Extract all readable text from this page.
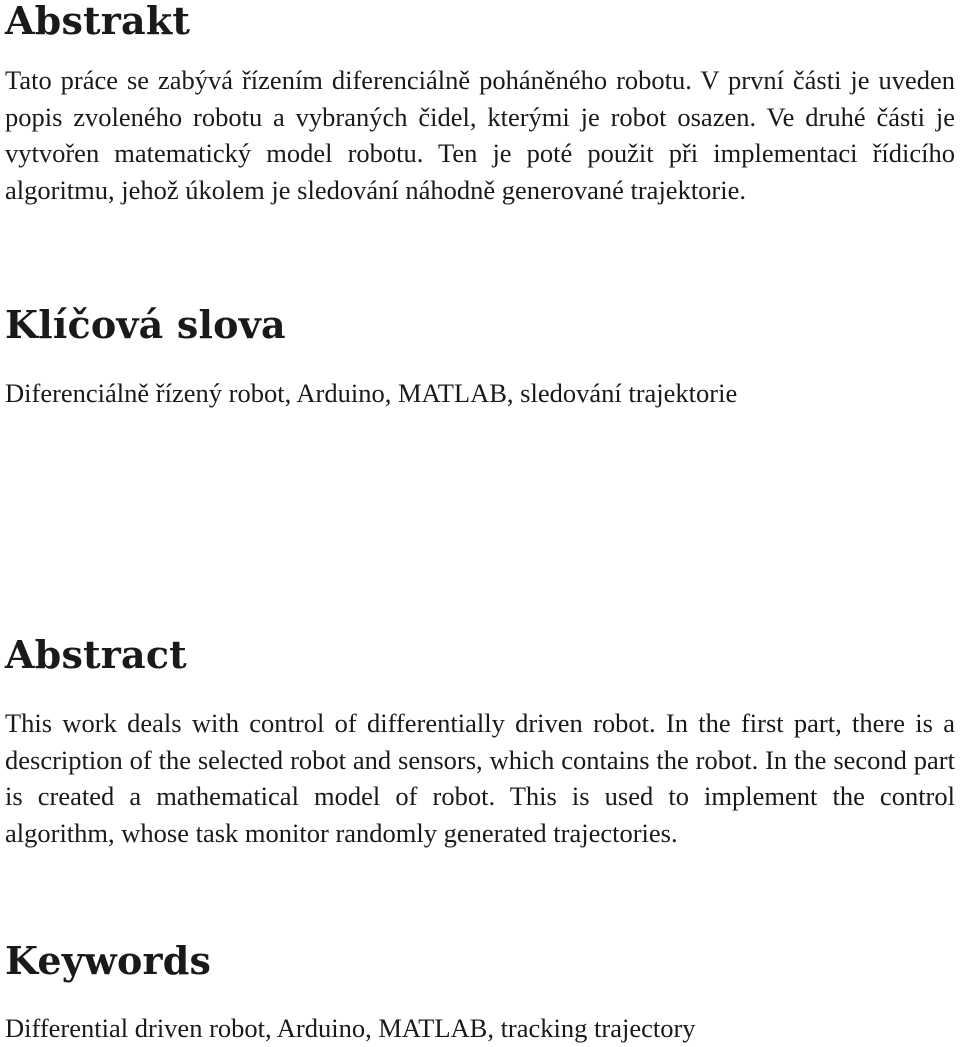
Abstrakt

Tato práce se zabývá řízením diferenciálně poháněného robotu. V první části je uveden popis zvoleného robotu a vybraných čidel, kterými je robot osazen. Ve druhé části je vytvořen matematický model robotu. Ten je poté použit při implementaci řídicího algoritmu, jehož úkolem je sledování náhodně generované trajektorie.

Klíčová slova

Diferenciálně řízený robot, Arduino, MATLAB, sledování trajektorie

Abstract

This work deals with control of differentially driven robot. In the first part, there is a description of the selected robot and sensors, which contains the robot. In the second part is created a mathematical model of robot. This is used to implement the control algorithm, whose task monitor randomly generated trajectories.

Keywords

Differential driven robot, Arduino, MATLAB, tracking trajectory
